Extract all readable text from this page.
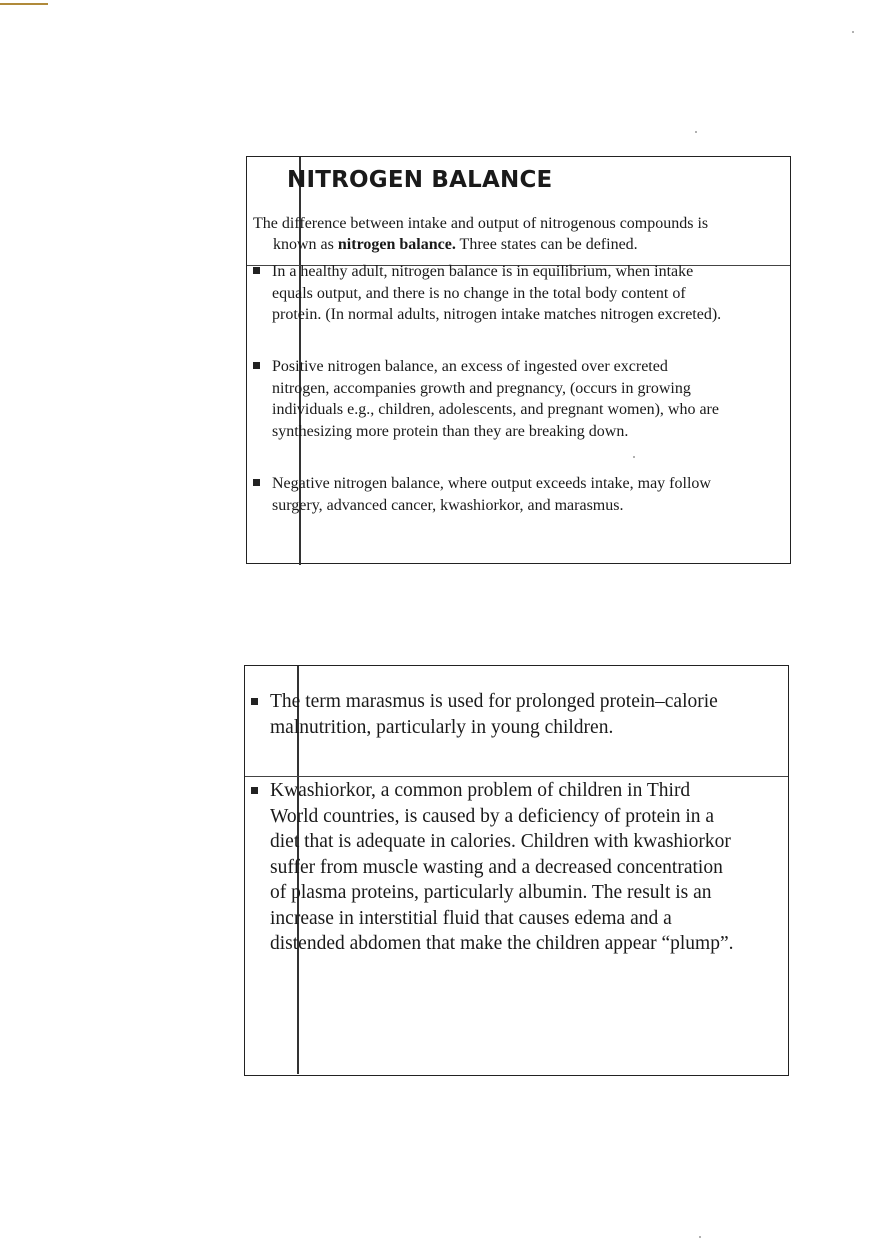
NITROGEN BALANCE
The difference between intake and output of nitrogenous compounds is
known as nitrogen balance. Three states can be defined.
In a healthy adult, nitrogen balance is in equilibrium, when intake
equals output, and there is no change in the total body content of
protein. (In normal adults, nitrogen intake matches nitrogen excreted).
Positive nitrogen balance, an excess of ingested over excreted
nitrogen, accompanies growth and pregnancy, (occurs in growing
individuals e.g., children, adolescents, and pregnant women), who are
synthesizing more protein than they are breaking down.
Negative nitrogen balance, where output exceeds intake, may follow
surgery, advanced cancer, kwashiorkor, and marasmus.
The term marasmus is used for prolonged protein–calorie
malnutrition, particularly in young children.
Kwashiorkor, a common problem of children in Third
World countries, is caused by a deficiency of protein in a
diet that is adequate in calories. Children with kwashiorkor
suffer from muscle wasting and a decreased concentration
of plasma proteins, particularly albumin. The result is an
increase in interstitial fluid that causes edema and a
distended abdomen that make the children appear “plump”.
